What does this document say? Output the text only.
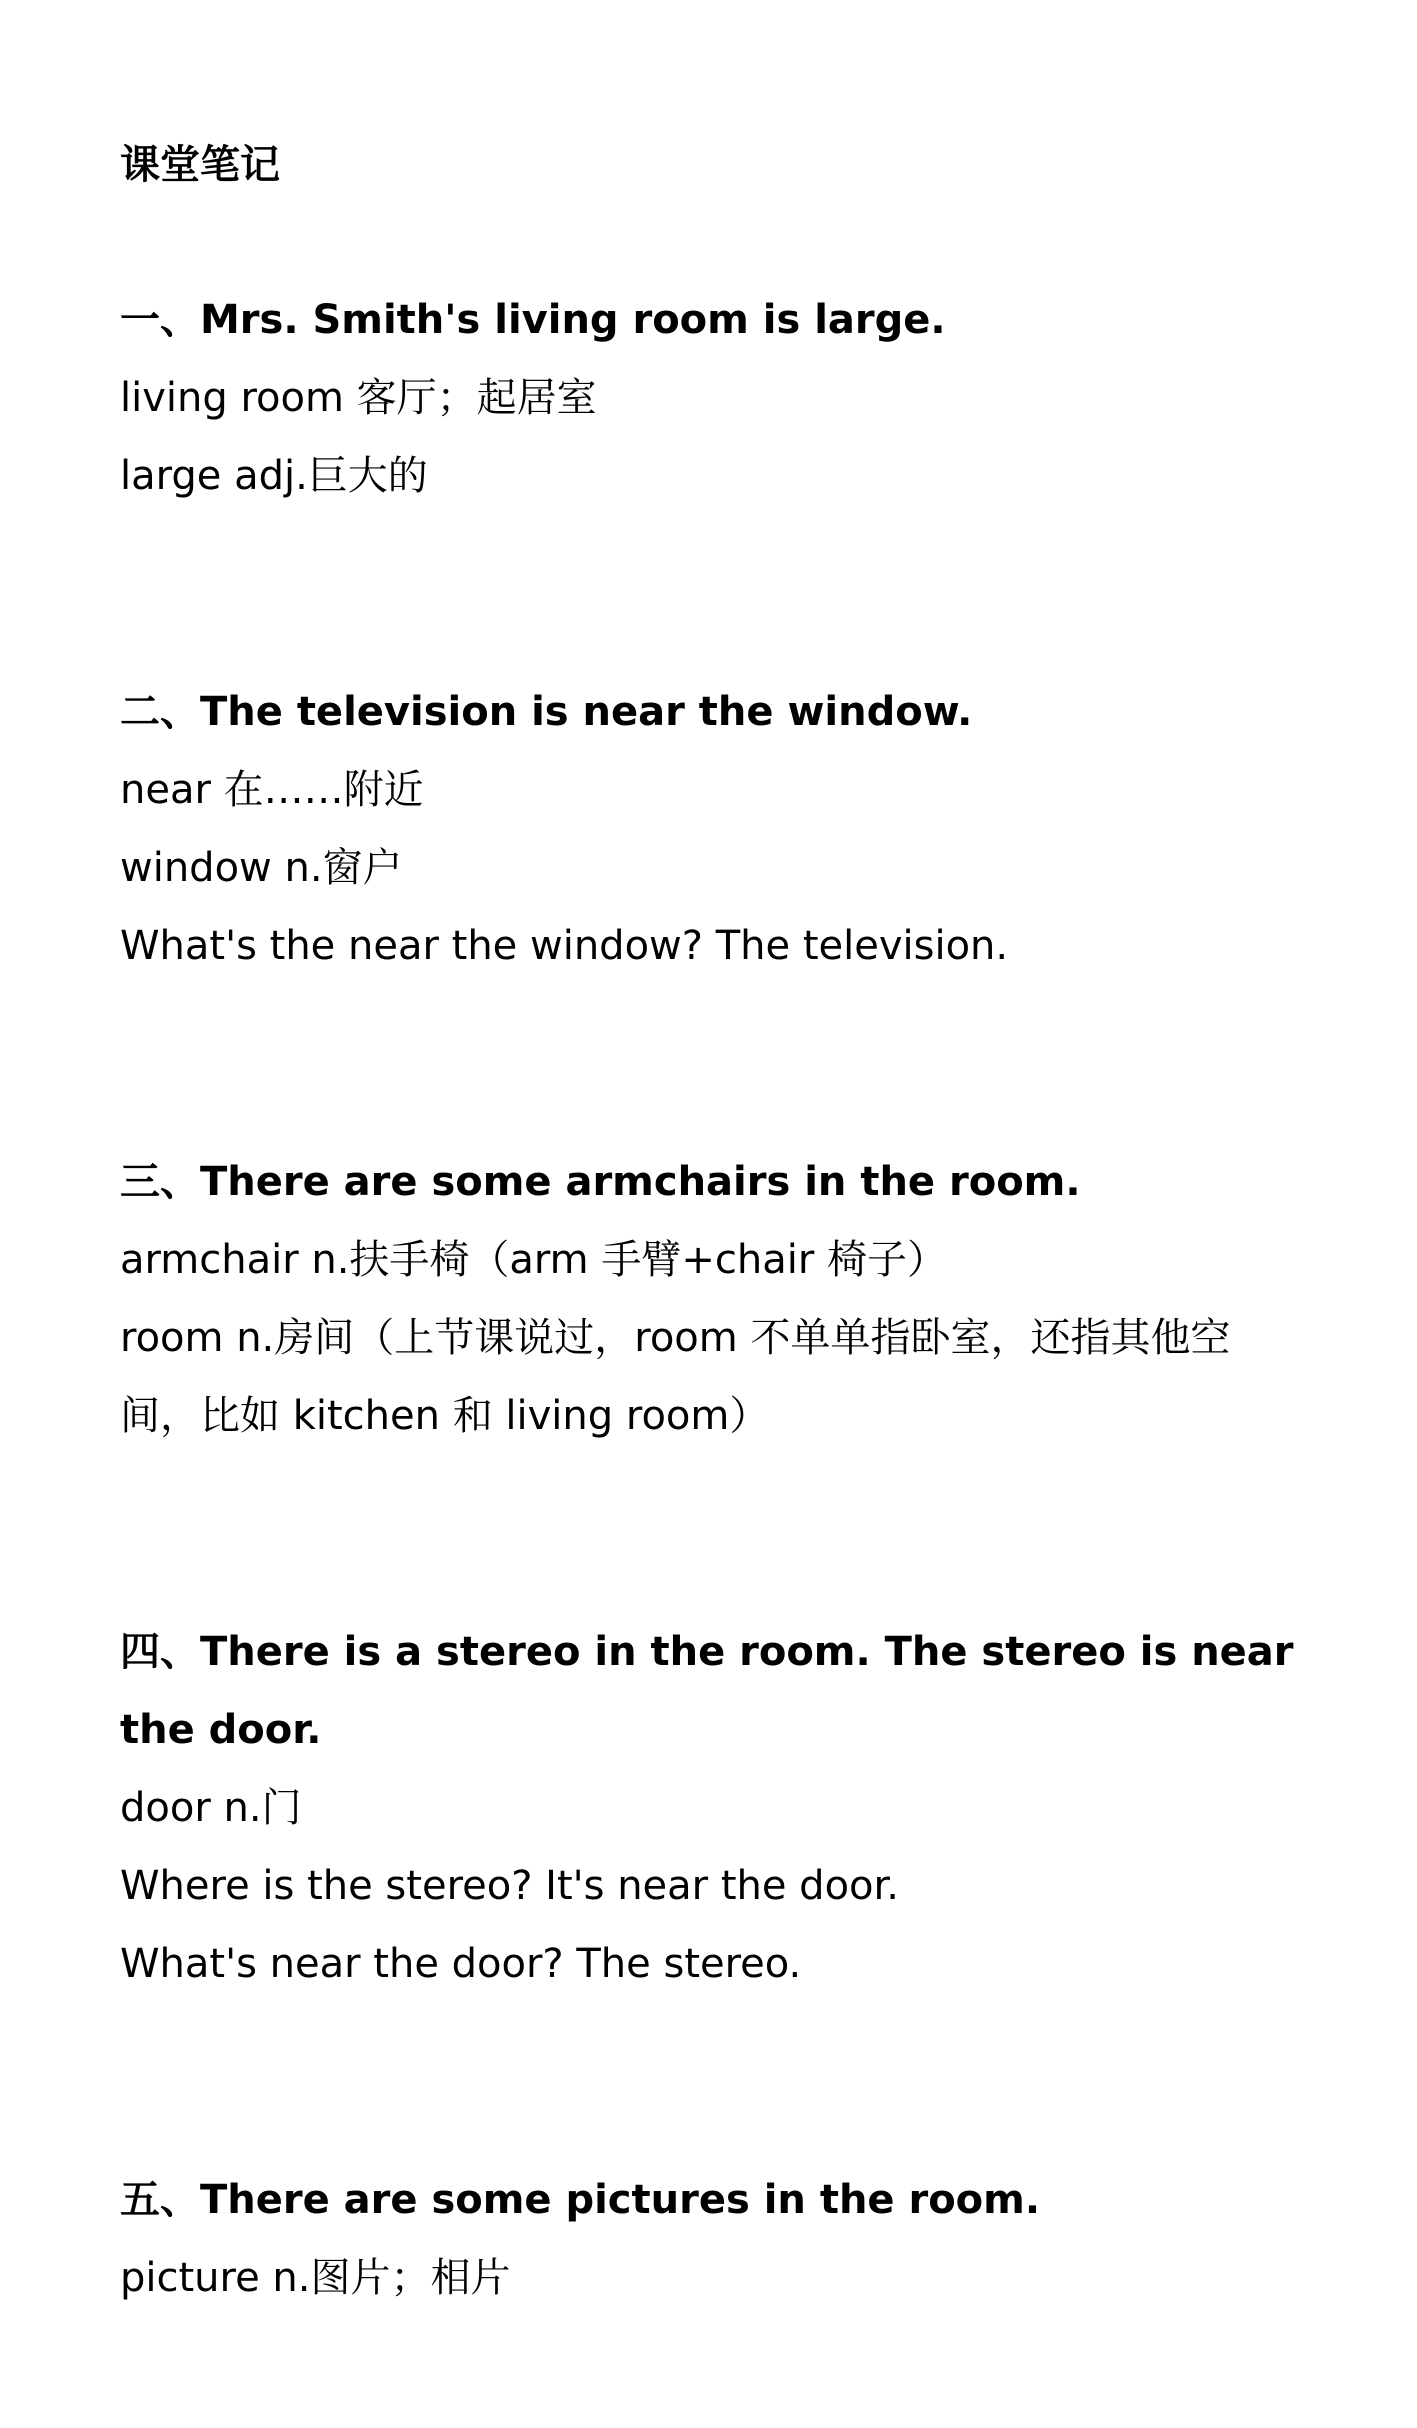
课堂笔记
一、Mrs. Smith's living room is large.
living room 客厅；起居室
large adj.巨大的
二、The television is near the window.
near 在……附近
window n.窗户
What's the near the window? The television.
三、There are some armchairs in the room.
armchair n.扶手椅（arm 手臂+chair 椅子）
room n.房间（上节课说过，room 不单单指卧室，还指其他空间，比如 kitchen 和 living room）
四、There is a stereo in the room. The stereo is near the door.
door n.门
Where is the stereo? It's near the door.
What's near the door? The stereo.
五、There are some pictures in the room.
picture n.图片；相片
